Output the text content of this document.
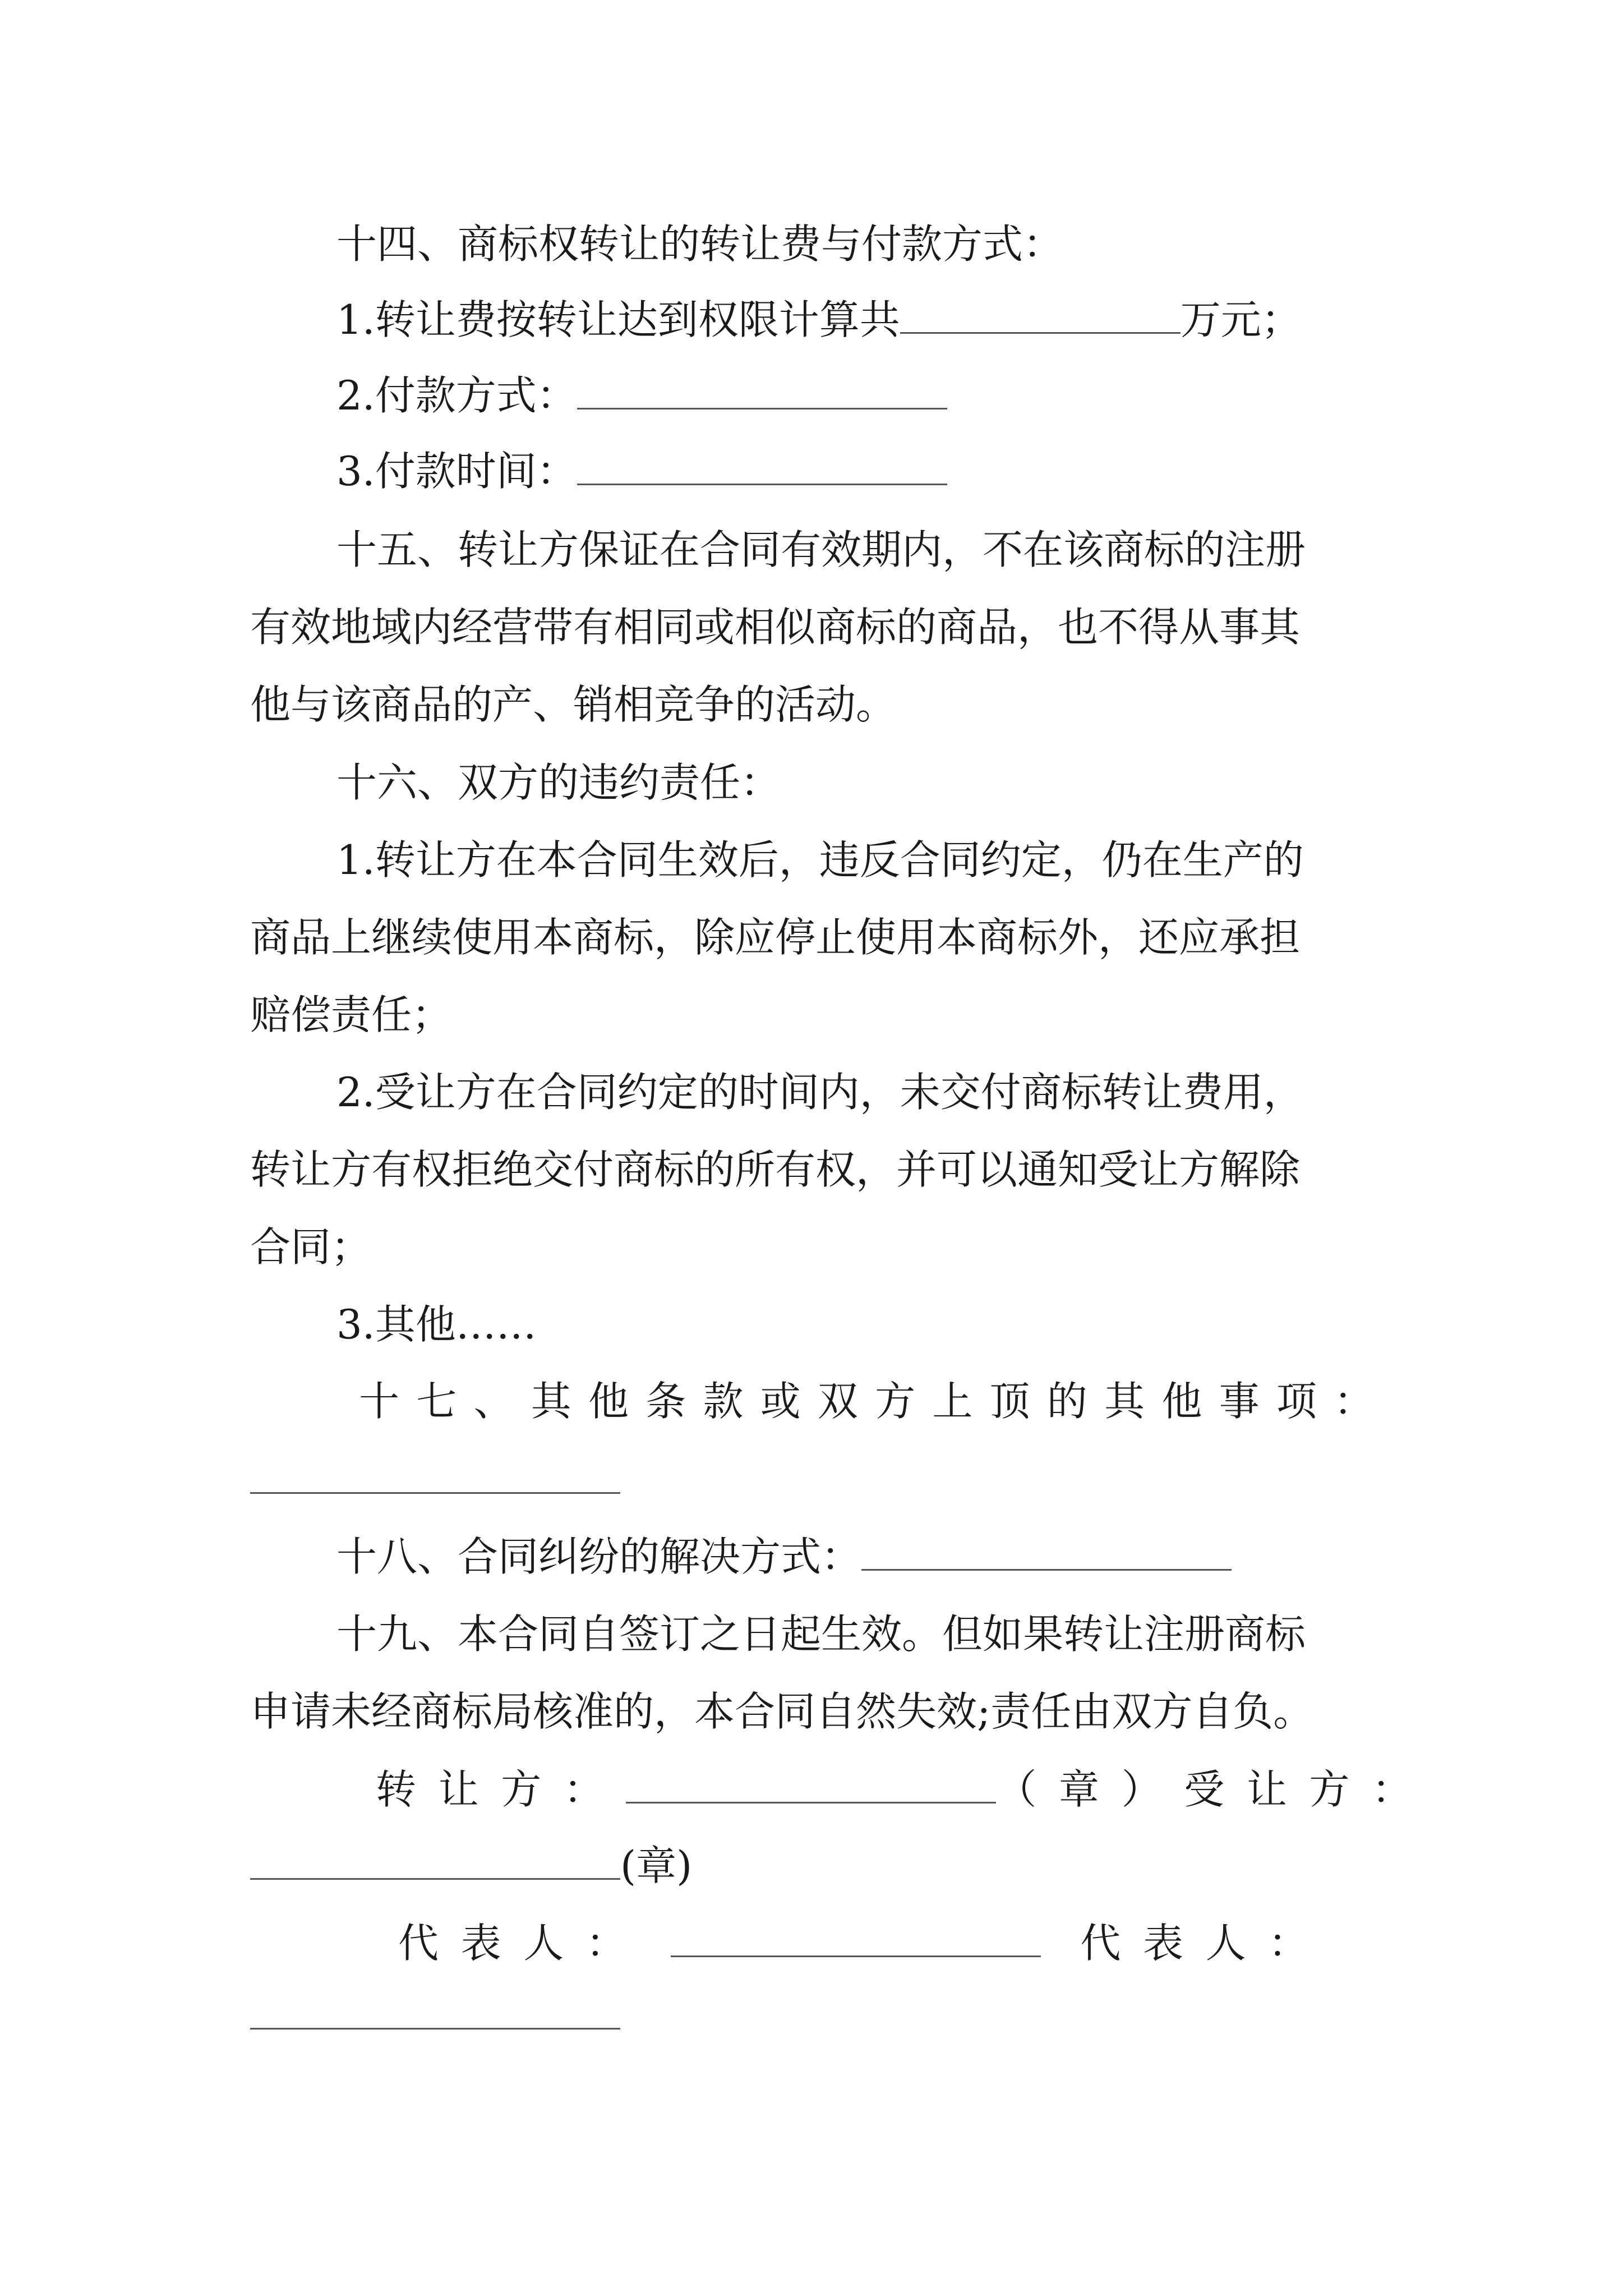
十四、商标权转让的转让费与付款方式：
1.转让费按转让达到权限计算共	万元；
2.付款方式：
3.付款时间：
十五、转让方保证在合同有效期内，不在该商标的注册
有效地域内经营带有相同或相似商标的商品，也不得从事其
他与该商品的产、销相竞争的活动。
十六、双方的违约责任：
1.转让方在本合同生效后，违反合同约定，仍在生产的
商品上继续使用本商标，除应停止使用本商标外，还应承担
赔偿责任；
2.受让方在合同约定的时间内，未交付商标转让费用，
转让方有权拒绝交付商标的所有权，并可以通知受让方解除
合同；
3.其他……
十七、其他条款或双方上顶的其他事项：
十八、合同纠纷的解决方式：
十九、本合同自签订之日起生效。但如果转让注册商标
申请未经商标局核准的，本合同自然失效;责任由双方自负。
转让方：	（章）受让方：
(章)
代表人：	代表人：
